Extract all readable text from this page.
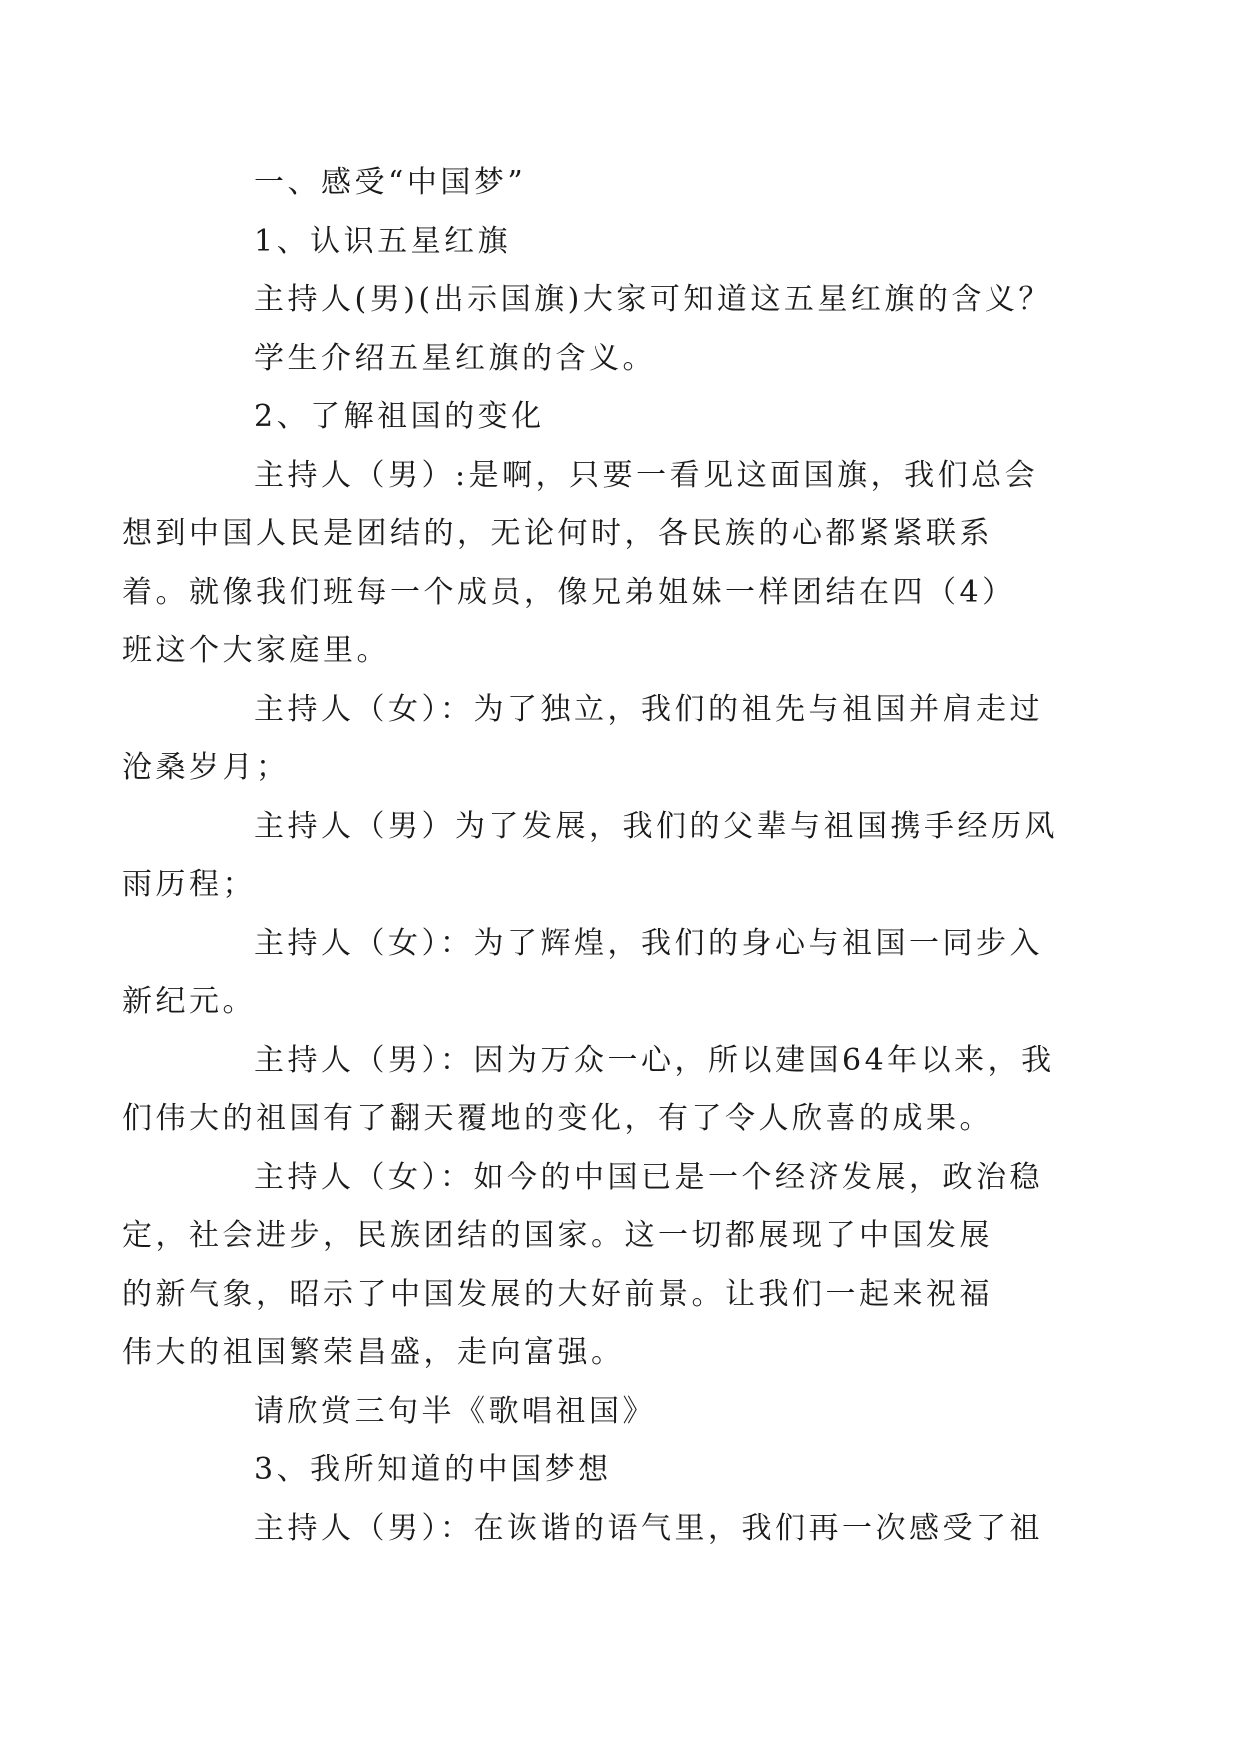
一、感受“中国梦”

1、认识五星红旗

主持人(男)(出示国旗)大家可知道这五星红旗的含义？

学生介绍五星红旗的含义。

2、了解祖国的变化

主持人（男）:是啊，只要一看见这面国旗，我们总会
想到中国人民是团结的，无论何时，各民族的心都紧紧联系
着。就像我们班每一个成员，像兄弟姐妹一样团结在四（4）
班这个大家庭里。

主持人（女）：为了独立，我们的祖先与祖国并肩走过
沧桑岁月；

主持人（男）为了发展，我们的父辈与祖国携手经历风
雨历程；

主持人（女）：为了辉煌，我们的身心与祖国一同步入
新纪元。

主持人（男）：因为万众一心，所以建国64年以来，我
们伟大的祖国有了翻天覆地的变化，有了令人欣喜的成果。

主持人（女）：如今的中国已是一个经济发展，政治稳
定，社会进步，民族团结的国家。这一切都展现了中国发展
的新气象，昭示了中国发展的大好前景。让我们一起来祝福
伟大的祖国繁荣昌盛，走向富强。

请欣赏三句半《歌唱祖国》

3、我所知道的中国梦想

主持人（男）：在诙谐的语气里，我们再一次感受了祖
